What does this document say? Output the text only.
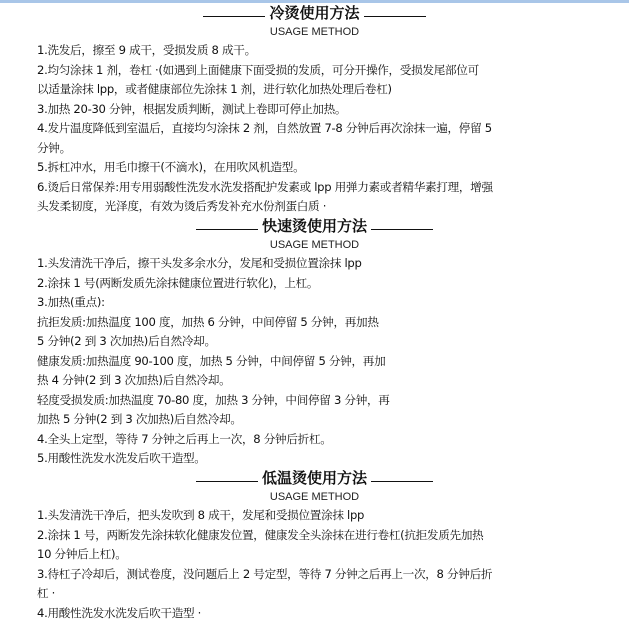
冷烫使用方法
USAGE METHOD
1.洗发后，擦至 9 成干，受损发质 8 成干。
2.均匀涂抹 1 剂，卷杠 ·(如遇到上面健康下面受损的发质，可分开操作，受损发尾部位可
以适量涂抹 lpp，或者健康部位先涂抹 1 剂，进行软化加热处理后卷杠)
3.加热 20-30 分钟，根据发质判断，测试上卷即可停止加热。
4.发片温度降低到室温后，直接均匀涂抹 2 剂，自然放置 7-8 分钟后再次涂抹一遍，停留 5
分钟。
5.拆杠冲水，用毛巾擦干(不滴水)，在用吹风机造型。
6.烫后日常保养:用专用弱酸性洗发水洗发搭配护发素或 lpp 用弹力素或者精华素打理，增强
头发柔韧度，光泽度，有效为烫后秀发补充水份剂蛋白质 ·
快速烫使用方法
USAGE METHOD
1.头发清洗干净后，擦干头发多余水分，发尾和受损位置涂抹 lpp
2.涂抹 1 号(两断发质先涂抹健康位置进行软化)，上杠。
3.加热(重点):
抗拒发质:加热温度 100 度，加热 6 分钟，中间停留 5 分钟，再加热
5 分钟(2 到 3 次加热)后自然冷却。
健康发质:加热温度 90-100 度，加热 5 分钟，中间停留 5 分钟，再加
热 4 分钟(2 到 3 次加热)后自然冷却。
轻度受损发质:加热温度 70-80 度，加热 3 分钟，中间停留 3 分钟，再
加热 5 分钟(2 到 3 次加热)后自然冷却。
4.全头上定型，等待 7 分钟之后再上一次，8 分钟后折杠。
5.用酸性洗发水洗发后吹干造型。
低温烫使用方法
USAGE METHOD
1.头发清洗干净后，把头发吹到 8 成干，发尾和受损位置涂抹 lpp
2.涂抹 1 号，两断发先涂抹软化健康发位置，健康发全头涂抹在进行卷杠(抗拒发质先加热
10 分钟后上杠)。
3.待杠子冷却后，测试卷度，没问题后上 2 号定型，等待 7 分钟之后再上一次，8 分钟后折
杠 ·
4.用酸性洗发水洗发后吹干造型 ·
